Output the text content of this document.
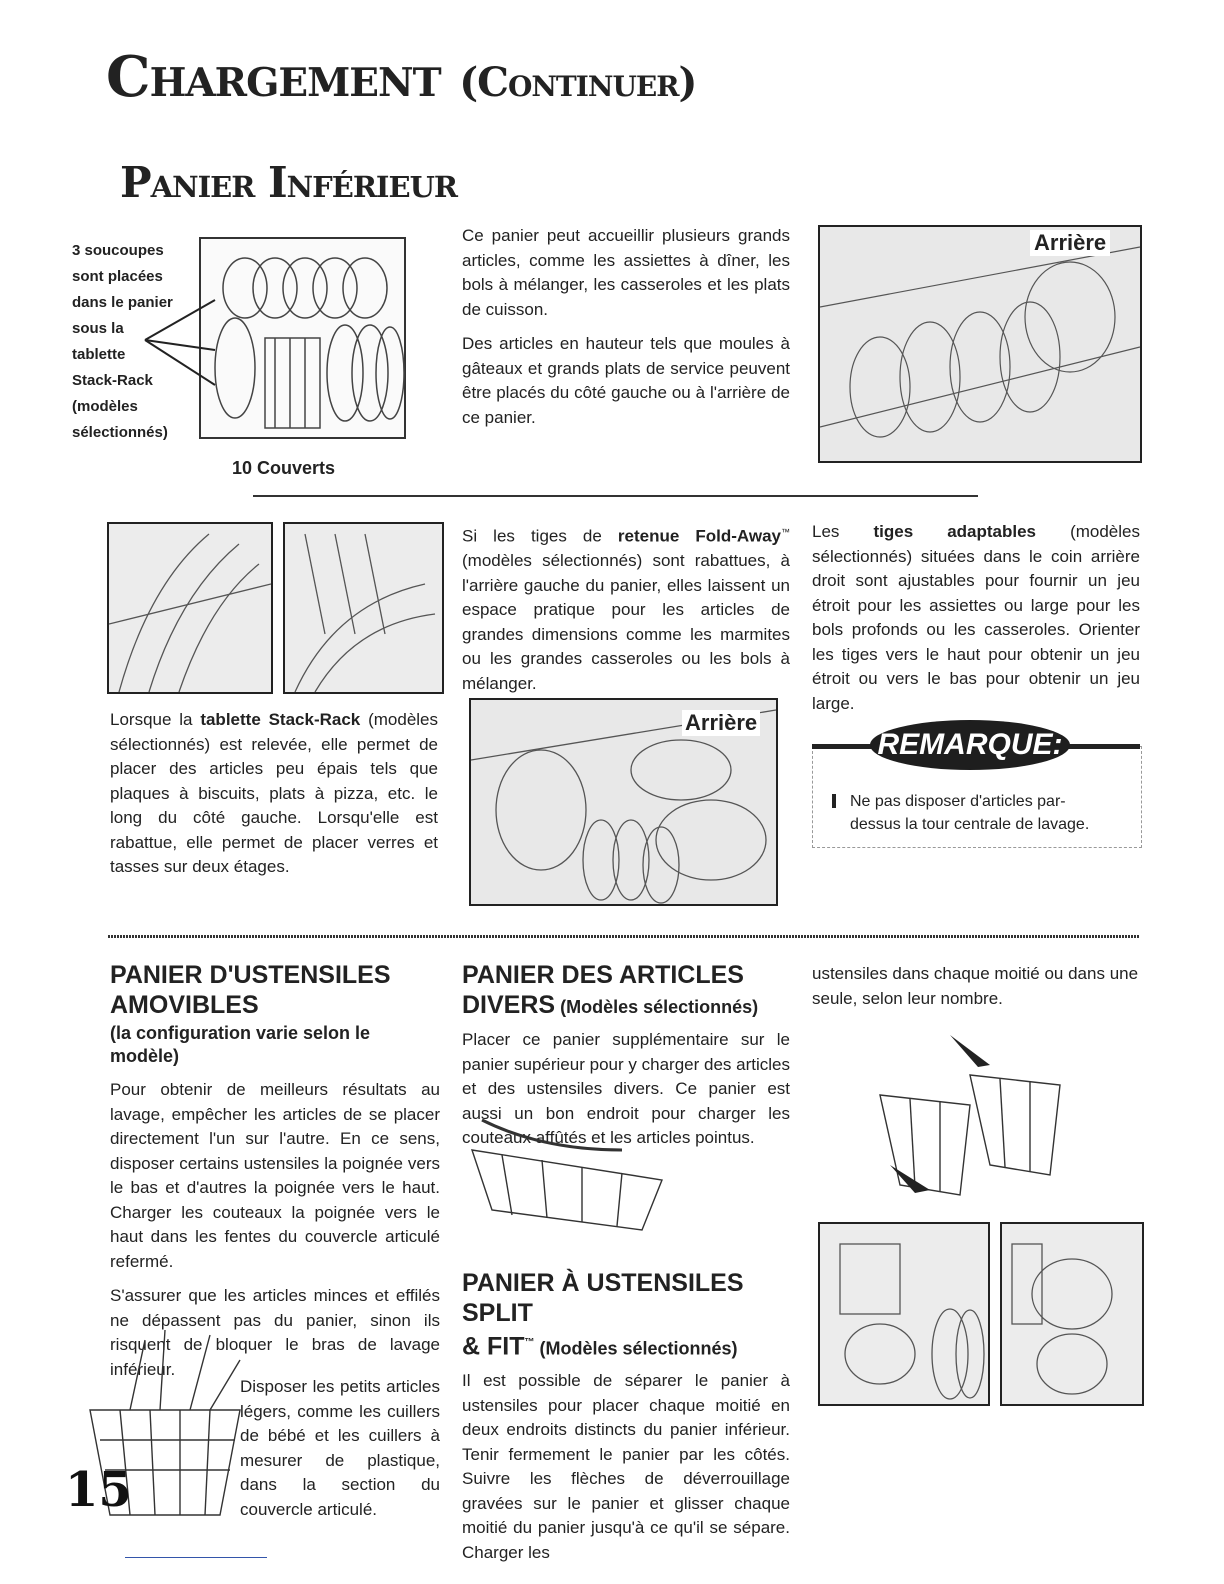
Chargement (Continuer)
Panier Inférieur

3 soucoupes

sont placées

dans le panier

sous la

tablette

Stack-Rack

(modèles

sélectionnés)

10 Couverts

Ce panier peut accueillir plusieurs grands articles, comme les assiettes à dîner, les bols à mélanger, les casseroles et les plats de cuisson.

Des articles en hauteur tels que moules à gâteaux et grands plats de service peuvent être placés du côté gauche ou à l'arrière de ce panier.

Arrière

Si les tiges de retenue Fold-Away™ (modèles sélectionnés) sont rabattues, à l'arrière gauche du panier, elles laissent un espace pratique pour les articles de grandes dimensions comme les marmites ou les grandes casseroles ou les bols à mélanger.

Les tiges adaptables (modèles sélectionnés) situées dans le coin arrière droit sont ajustables pour fournir un jeu étroit pour les assiettes ou large pour les bols profonds ou les casseroles. Orienter les tiges vers le haut pour obtenir un jeu étroit ou vers le bas pour obtenir un jeu large.

Lorsque la tablette Stack-Rack (modèles sélectionnés) est relevée, elle permet de placer des articles peu épais tels que plaques à biscuits, plats à pizza, etc. le long du côté gauche. Lorsqu'elle est rabattue, elle permet de placer verres et tasses sur deux étages.

Arrière
REMARQUE:
Ne pas disposer d'articles par-dessus la tour centrale de lavage.

PANIER D'USTENSILES
AMOVIBLES

(la configuration varie selon le modèle)

Pour obtenir de meilleurs résultats au lavage, empêcher les articles de se placer directement l'un sur l'autre. En ce sens, disposer certains ustensiles la poignée vers le bas et d'autres la poignée vers le haut. Charger les couteaux la poignée vers le haut dans les fentes du couvercle articulé refermé.

S'assurer que les articles minces et effilés ne dépassent pas du panier, sinon ils risquent de bloquer le bras de lavage inférieur.

Disposer les petits articles légers, comme les cuillers de bébé et les cuillers à mesurer de plastique, dans la section du couvercle articulé.

15

PANIER DES ARTICLES
DIVERS (Modèles sélectionnés)

Placer ce panier supplémentaire sur le panier supérieur pour y charger des articles et des ustensiles divers. Ce panier est aussi un bon endroit pour charger les couteaux affûtés et les articles pointus.

PANIER À USTENSILES SPLIT
& FIT™ (Modèles sélectionnés)

Il est possible de séparer le panier à ustensiles pour placer chaque moitié en deux endroits distincts du panier inférieur. Tenir fermement le panier par les côtés. Suivre les flèches de déverrouillage gravées sur le panier et glisser chaque moitié du panier jusqu'à ce qu'il se sépare. Charger les

ustensiles dans chaque moitié ou dans une seule, selon leur nombre.
